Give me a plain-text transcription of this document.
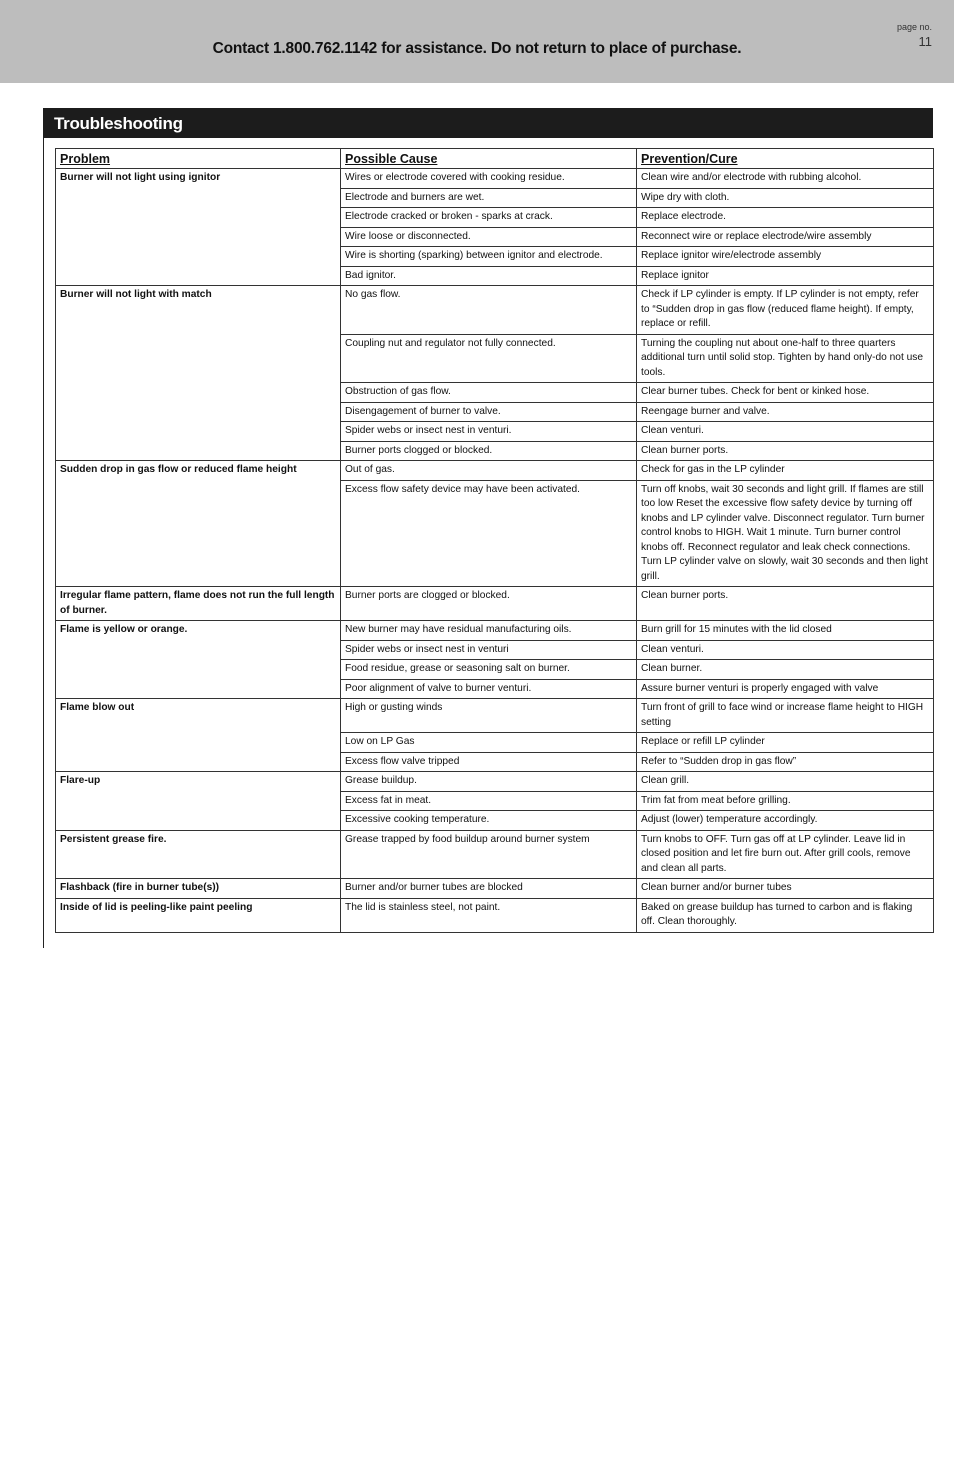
Contact 1.800.762.1142 for assistance. Do not return to place of purchase.
page no.
11
Troubleshooting
Problem	Possible Cause	Prevention/Cure
Burner will not light using ignitor	Wires or electrode covered with cooking residue.	Clean wire and/or electrode with rubbing alcohol.
	Electrode and burners are wet.	Wipe dry with cloth.
	Electrode cracked or broken - sparks at crack.	Replace electrode.
	Wire loose or disconnected.	Reconnect wire or replace electrode/wire assembly
	Wire is shorting (sparking) between ignitor and electrode.	Replace ignitor wire/electrode assembly
	Bad ignitor.	Replace ignitor
Burner will not light with match	No gas flow.	Check if LP cylinder is empty. If LP cylinder is not empty, refer to “Sudden drop in gas flow (reduced flame height). If empty, replace or refill.
	Coupling nut and regulator not fully connected.	Turning the coupling nut about one-half to three quarters additional turn until solid stop. Tighten by hand only-do not use tools.
	Obstruction of gas flow.	Clear burner tubes. Check for bent or kinked hose.
	Disengagement of burner to valve.	Reengage burner and valve.
	Spider webs or insect nest in venturi.	Clean venturi.
	Burner ports clogged or blocked.	Clean burner ports.
Sudden drop in gas flow or reduced flame height	Out of gas.	Check for gas in the LP cylinder
	Excess flow safety device may have been activated.	Turn off knobs, wait 30 seconds and light grill. If flames are still too low Reset the excessive flow safety device by turning off knobs and LP cylinder valve. Disconnect regulator. Turn burner control knobs to HIGH. Wait 1 minute. Turn burner control knobs off. Reconnect regulator and leak check connections. Turn LP cylinder valve on slowly, wait 30 seconds and then light grill.
Irregular flame pattern, flame does not run the full length of burner.	Burner ports are clogged or blocked.	Clean burner ports.
Flame is yellow or orange.	New burner may have residual manufacturing oils.	Burn grill for 15 minutes with the lid closed
	Spider webs or insect nest in venturi	Clean venturi.
	Food residue, grease or seasoning salt on burner.	Clean burner.
	Poor alignment of valve to burner venturi.	Assure burner venturi is properly engaged with valve
Flame blow out	High or gusting winds	Turn front of grill to face wind or increase flame height to HIGH setting
	Low on LP Gas	Replace or refill LP cylinder
	Excess flow valve tripped	Refer to “Sudden drop in gas flow”
Flare-up	Grease buildup.	Clean grill.
	Excess fat in meat.	Trim fat from meat before grilling.
	Excessive cooking temperature.	Adjust (lower) temperature accordingly.
Persistent grease fire.	Grease trapped by food buildup around burner system	Turn knobs to OFF. Turn gas off at LP cylinder. Leave lid in closed position and let fire burn out. After grill cools, remove and clean all parts.
Flashback (fire in burner tube(s))	Burner and/or burner tubes are blocked	Clean burner and/or burner tubes
Inside of lid is peeling-like paint peeling	The lid is stainless steel, not paint.	Baked on grease buildup has turned to carbon and is flaking off. Clean thoroughly.
